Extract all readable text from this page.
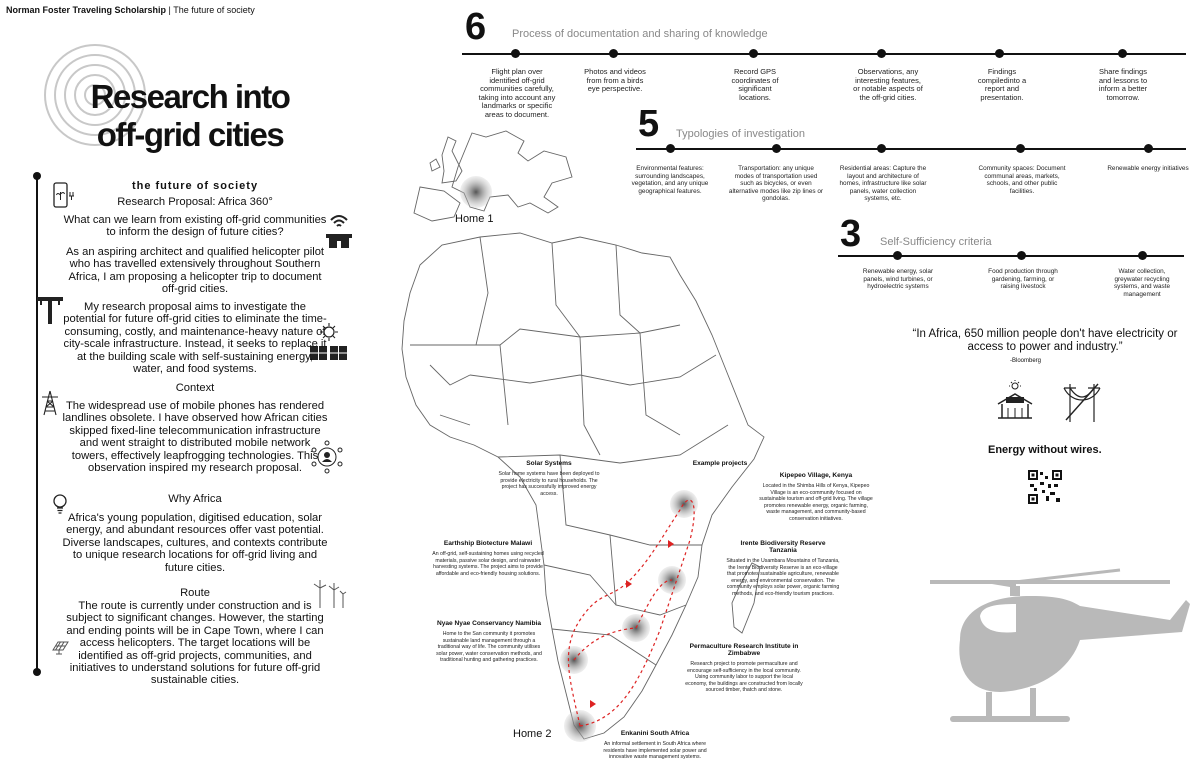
Norman Foster Traveling Scholarship | The future of society
Research into
off-grid cities
the future of society
Research Proposal: Africa 360°
What can we learn from existing off-grid communities to inform the design of future cities?
As an aspiring architect and qualified helicopter pilot who has travelled extensively throughout Southern Africa, I am proposing a helicopter trip to document off-grid cities.
My research proposal aims to investigate the potential for future off-grid cities to eliminate the time-consuming, costly, and maintenance-heavy nature of city-scale infrastructure. Instead, it seeks to replace it at the building scale with self-sustaining energy, water, and food systems.
Context
The widespread use of mobile phones has rendered landlines obsolete. I have observed how African cities skipped fixed-line telecommunication infrastructure and went straight to distributed mobile network towers, effectively leapfrogging technologies. This observation inspired my research proposal.
Why Africa
Africa's young population, digitised education, solar energy, and abundant resources offer vast potential. Diverse landscapes, cultures, and contexts contribute to unique research locations for off-grid living and future cities.
Route
The route is currently under construction and is subject to significant changes. However, the starting and ending points will be in Cape Town, where I can access helicopters. The target locations will be identified as off-grid projects, communities, and initiatives to understand solutions for future off-grid sustainable cities.
Home 1
Home 2
Solar Systems
Solar home systems have been deployed to provide electricity to rural households. The project has successfully improved energy access.
Example projects
Kipepeo Village, Kenya
Located in the Shimba Hills of Kenya, Kipepeo Village is an eco-community focused on sustainable tourism and off-grid living. The village promotes renewable energy, organic farming, waste management, and community-based conservation initiatives.
Earthship Biotecture Malawi
An off-grid, self-sustaining homes using recycled materials, passive solar design, and rainwater harvesting systems. The project aims to provide affordable and eco-friendly housing solutions.
Irente Biodiversity Reserve Tanzania
Situated in the Usambara Mountains of Tanzania, the Irente Biodiversity Reserve is an eco-village that promotes sustainable agriculture, renewable energy, and environmental conservation. The community employs solar power, organic farming methods, and eco-friendly tourism practices.
Nyae Nyae Conservancy Namibia
Home to the San community it promotes sustainable land management through a traditional way of life. The community utilises solar power, water conservation methods, and traditional hunting and gathering practices.
Permaculture Research Institute in Zimbabwe
Research project to promote permaculture and encourage self-sufficiency in the local community. Using community labor to support the local economy, the buildings are constructed from locally sourced timber, thatch and stone.
Enkanini South Africa
An informal settlement in South Africa where residents have implemented solar power and innovative waste management systems.
6 Process of documentation and sharing of knowledge
Flight plan over identified off-grid communities carefully, taking into account any landmarks or specific areas to document.
Photos and videos from from a birds eye perspective.
Record GPS coordinates of significant locations.
Observations, any interesting features, or notable aspects of the off-grid cities.
Findings compiledinto a report and presentation.
Share findings and lessons to inform a better tomorrow.
5 Typologies of investigation
Environmental features: surrounding landscapes, vegetation, and any unique geographical features.
Transportation: any unique modes of transportation used such as bicycles, or even alternative modes like zip lines or gondolas.
Residential areas: Capture the layout and architecture of homes, infrastructure like solar panels, water collection systems, etc.
Community spaces: Document communal areas, markets, schools, and other public facilities.
Renewable energy initiatives
3 Self-Sufficiency criteria
Renewable energy, solar panels, wind turbines, or hydroelectric systems
Food production through gardening, farming, or raising livestock
Water collection, greywater recycling systems, and waste management
“In Africa, 650 million people don't have electricity or access to power and industry.”
-Bloomberg
Energy without wires.
